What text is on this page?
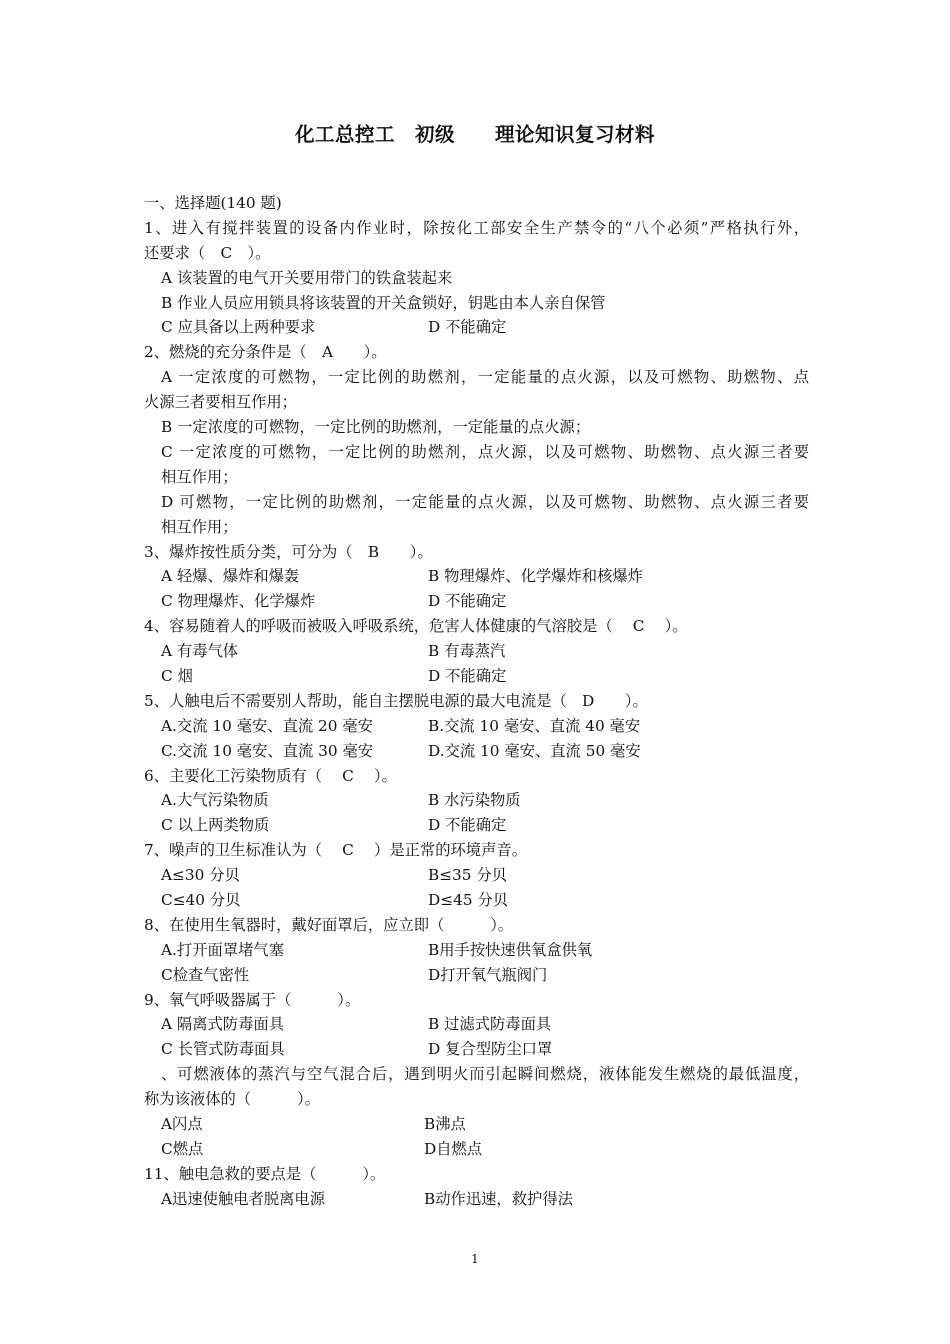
化工总控工　初级　　理论知识复习材料
一、选择题(140 题)
1、进入有搅拌装置的设备内作业时，除按化工部安全生产禁令的“八个必须”严格执行外，
还要求（　C　）。
A 该装置的电气开关要用带门的铁盒装起来
B 作业人员应用锁具将该装置的开关盒锁好，钥匙由本人亲自保管
C 应具备以上两种要求	D 不能确定
2、燃烧的充分条件是（　A　　）。
A 一定浓度的可燃物，一定比例的助燃剂，一定能量的点火源，以及可燃物、助燃物、点
火源三者要相互作用；
B 一定浓度的可燃物，一定比例的助燃剂，一定能量的点火源；
C 一定浓度的可燃物，一定比例的助燃剂，点火源，以及可燃物、助燃物、点火源三者要
相互作用；
D 可燃物，一定比例的助燃剂，一定能量的点火源，以及可燃物、助燃物、点火源三者要
相互作用；
3、爆炸按性质分类，可分为（　B　　）。
A 轻爆、爆炸和爆轰	B 物理爆炸、化学爆炸和核爆炸
C 物理爆炸、化学爆炸	D 不能确定
4、容易随着人的呼吸而被吸入呼吸系统，危害人体健康的气溶胶是（　 C　 ）。
A 有毒气体	B 有毒蒸汽
C 烟	D 不能确定
5、人触电后不需要别人帮助，能自主摆脱电源的最大电流是（　D　　）。
A.交流 10 毫安、直流 20 毫安	B.交流 10 毫安、直流 40 毫安
C.交流 10 毫安、直流 30 毫安	D.交流 10 毫安、直流 50 毫安
6、主要化工污染物质有（　 C　 ）。
A.大气污染物质	B 水污染物质
C 以上两类物质	D 不能确定
7、噪声的卫生标准认为（　 C　 ）是正常的环境声音。
A≤30 分贝	B≤35 分贝
C≤40 分贝	D≤45 分贝
8、在使用生氧器时，戴好面罩后，应立即（　　　）。
A.打开面罩堵气塞	B用手按快速供氧盒供氧
C检查气密性	D打开氧气瓶阀门
9、氧气呼吸器属于（　　　）。
A 隔离式防毒面具	B 过滤式防毒面具
C 长管式防毒面具	D 复合型防尘口罩
、可燃液体的蒸汽与空气混合后，遇到明火而引起瞬间燃烧，液体能发生燃烧的最低温度，
称为该液体的（　　　）。
A闪点	B沸点
C燃点	D自燃点
11、触电急救的要点是（　　　）。
A迅速使触电者脱离电源	B动作迅速，救护得法
1
